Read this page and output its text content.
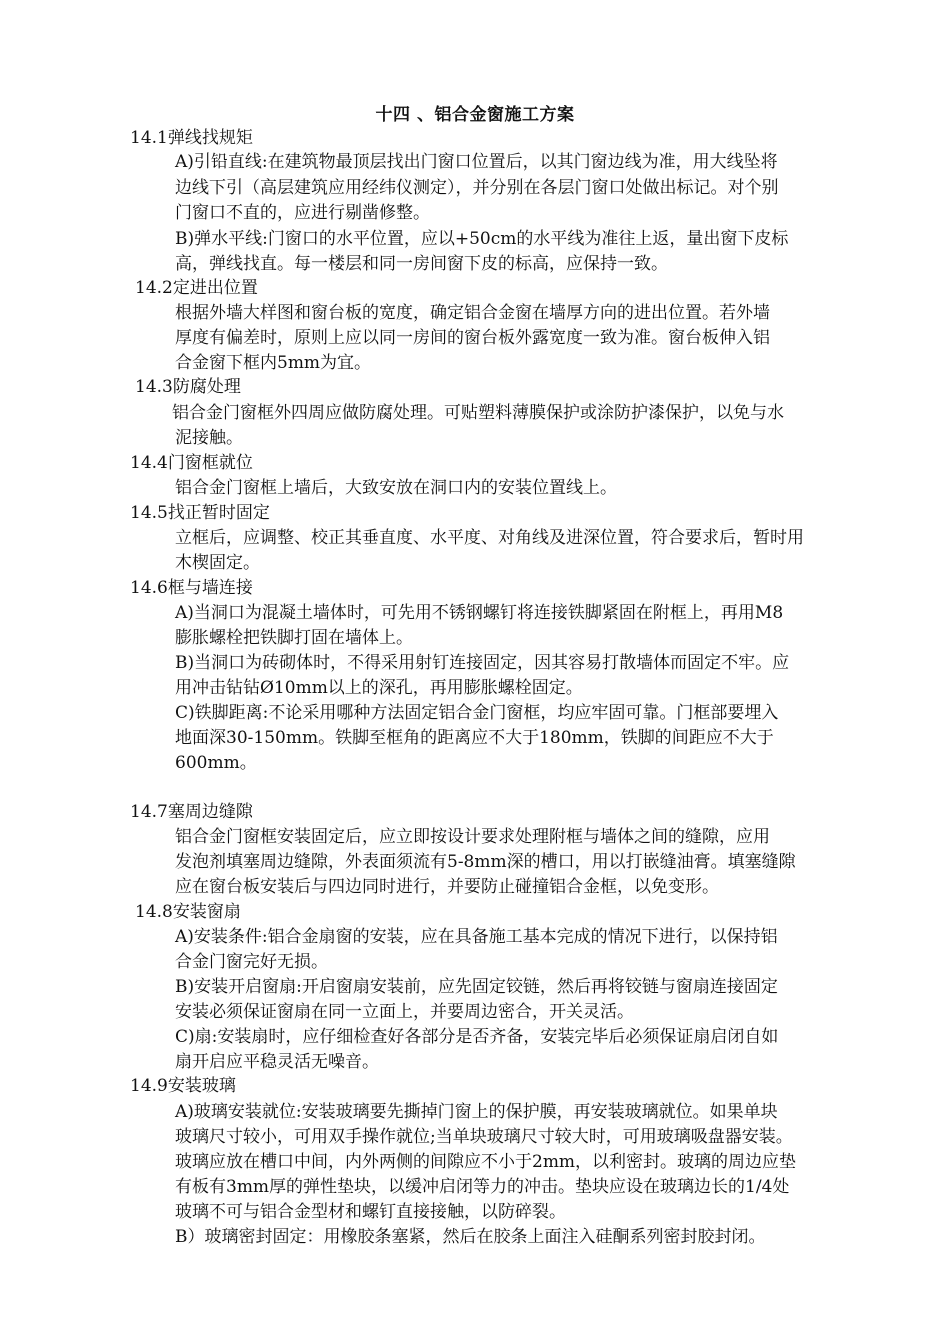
十四 、铝合金窗施工方案
14.1弹线找规矩
A)引铅直线:在建筑物最顶层找出门窗口位置后，以其门窗边线为准，用大线坠将
边线下引（高层建筑应用经纬仪测定），并分别在各层门窗口处做出标记。对个别
门窗口不直的，应进行剔凿修整。
B)弹水平线:门窗口的水平位置，应以+50cm的水平线为准往上返，量出窗下皮标
高，弹线找直。每一楼层和同一房间窗下皮的标高，应保持一致。
14.2定进出位置
根据外墙大样图和窗台板的宽度，确定铝合金窗在墙厚方向的进出位置。若外墙
厚度有偏差时，原则上应以同一房间的窗台板外露宽度一致为准。窗台板伸入铝
合金窗下框内5mm为宜。
14.3防腐处理
铝合金门窗框外四周应做防腐处理。可贴塑料薄膜保护或涂防护漆保护，以免与水
泥接触。
14.4门窗框就位
铝合金门窗框上墙后，大致安放在洞口内的安装位置线上。
14.5找正暂时固定
立框后，应调整、校正其垂直度、水平度、对角线及进深位置，符合要求后，暂时用
木楔固定。
14.6框与墙连接
A)当洞口为混凝土墙体时，可先用不锈钢螺钉将连接铁脚紧固在附框上，再用M8
膨胀螺栓把铁脚打固在墙体上。
B)当洞口为砖砌体时，不得采用射钉连接固定，因其容易打散墙体而固定不牢。应
用冲击钻钻Ø10mm以上的深孔，再用膨胀螺栓固定。
C)铁脚距离:不论采用哪种方法固定铝合金门窗框，均应牢固可靠。门框部要埋入
地面深30-150mm。铁脚至框角的距离应不大于180mm，铁脚的间距应不大于
600mm。
14.7塞周边缝隙
铝合金门窗框安装固定后，应立即按设计要求处理附框与墙体之间的缝隙，应用
发泡剂填塞周边缝隙，外表面须流有5-8mm深的槽口，用以打嵌缝油膏。填塞缝隙
应在窗台板安装后与四边同时进行，并要防止碰撞铝合金框，以免变形。
14.8安装窗扇
A)安装条件:铝合金扇窗的安装，应在具备施工基本完成的情况下进行，以保持铝
合金门窗完好无损。
B)安装开启窗扇:开启窗扇安装前，应先固定铰链，然后再将铰链与窗扇连接固定
安装必须保证窗扇在同一立面上，并要周边密合，开关灵活。
C)扇:安装扇时，应仔细检查好各部分是否齐备，安装完毕后必须保证扇启闭自如
扇开启应平稳灵活无噪音。
14.9安装玻璃
A)玻璃安装就位:安装玻璃要先撕掉门窗上的保护膜，再安装玻璃就位。如果单块
玻璃尺寸较小，可用双手操作就位;当单块玻璃尺寸较大时，可用玻璃吸盘器安装。
玻璃应放在槽口中间，内外两侧的间隙应不小于2mm，以利密封。玻璃的周边应垫
有板有3mm厚的弹性垫块，以缓冲启闭等力的冲击。垫块应设在玻璃边长的1/4处
玻璃不可与铝合金型材和螺钉直接接触，以防碎裂。
B）玻璃密封固定：用橡胶条塞紧，然后在胶条上面注入硅酮系列密封胶封闭。
